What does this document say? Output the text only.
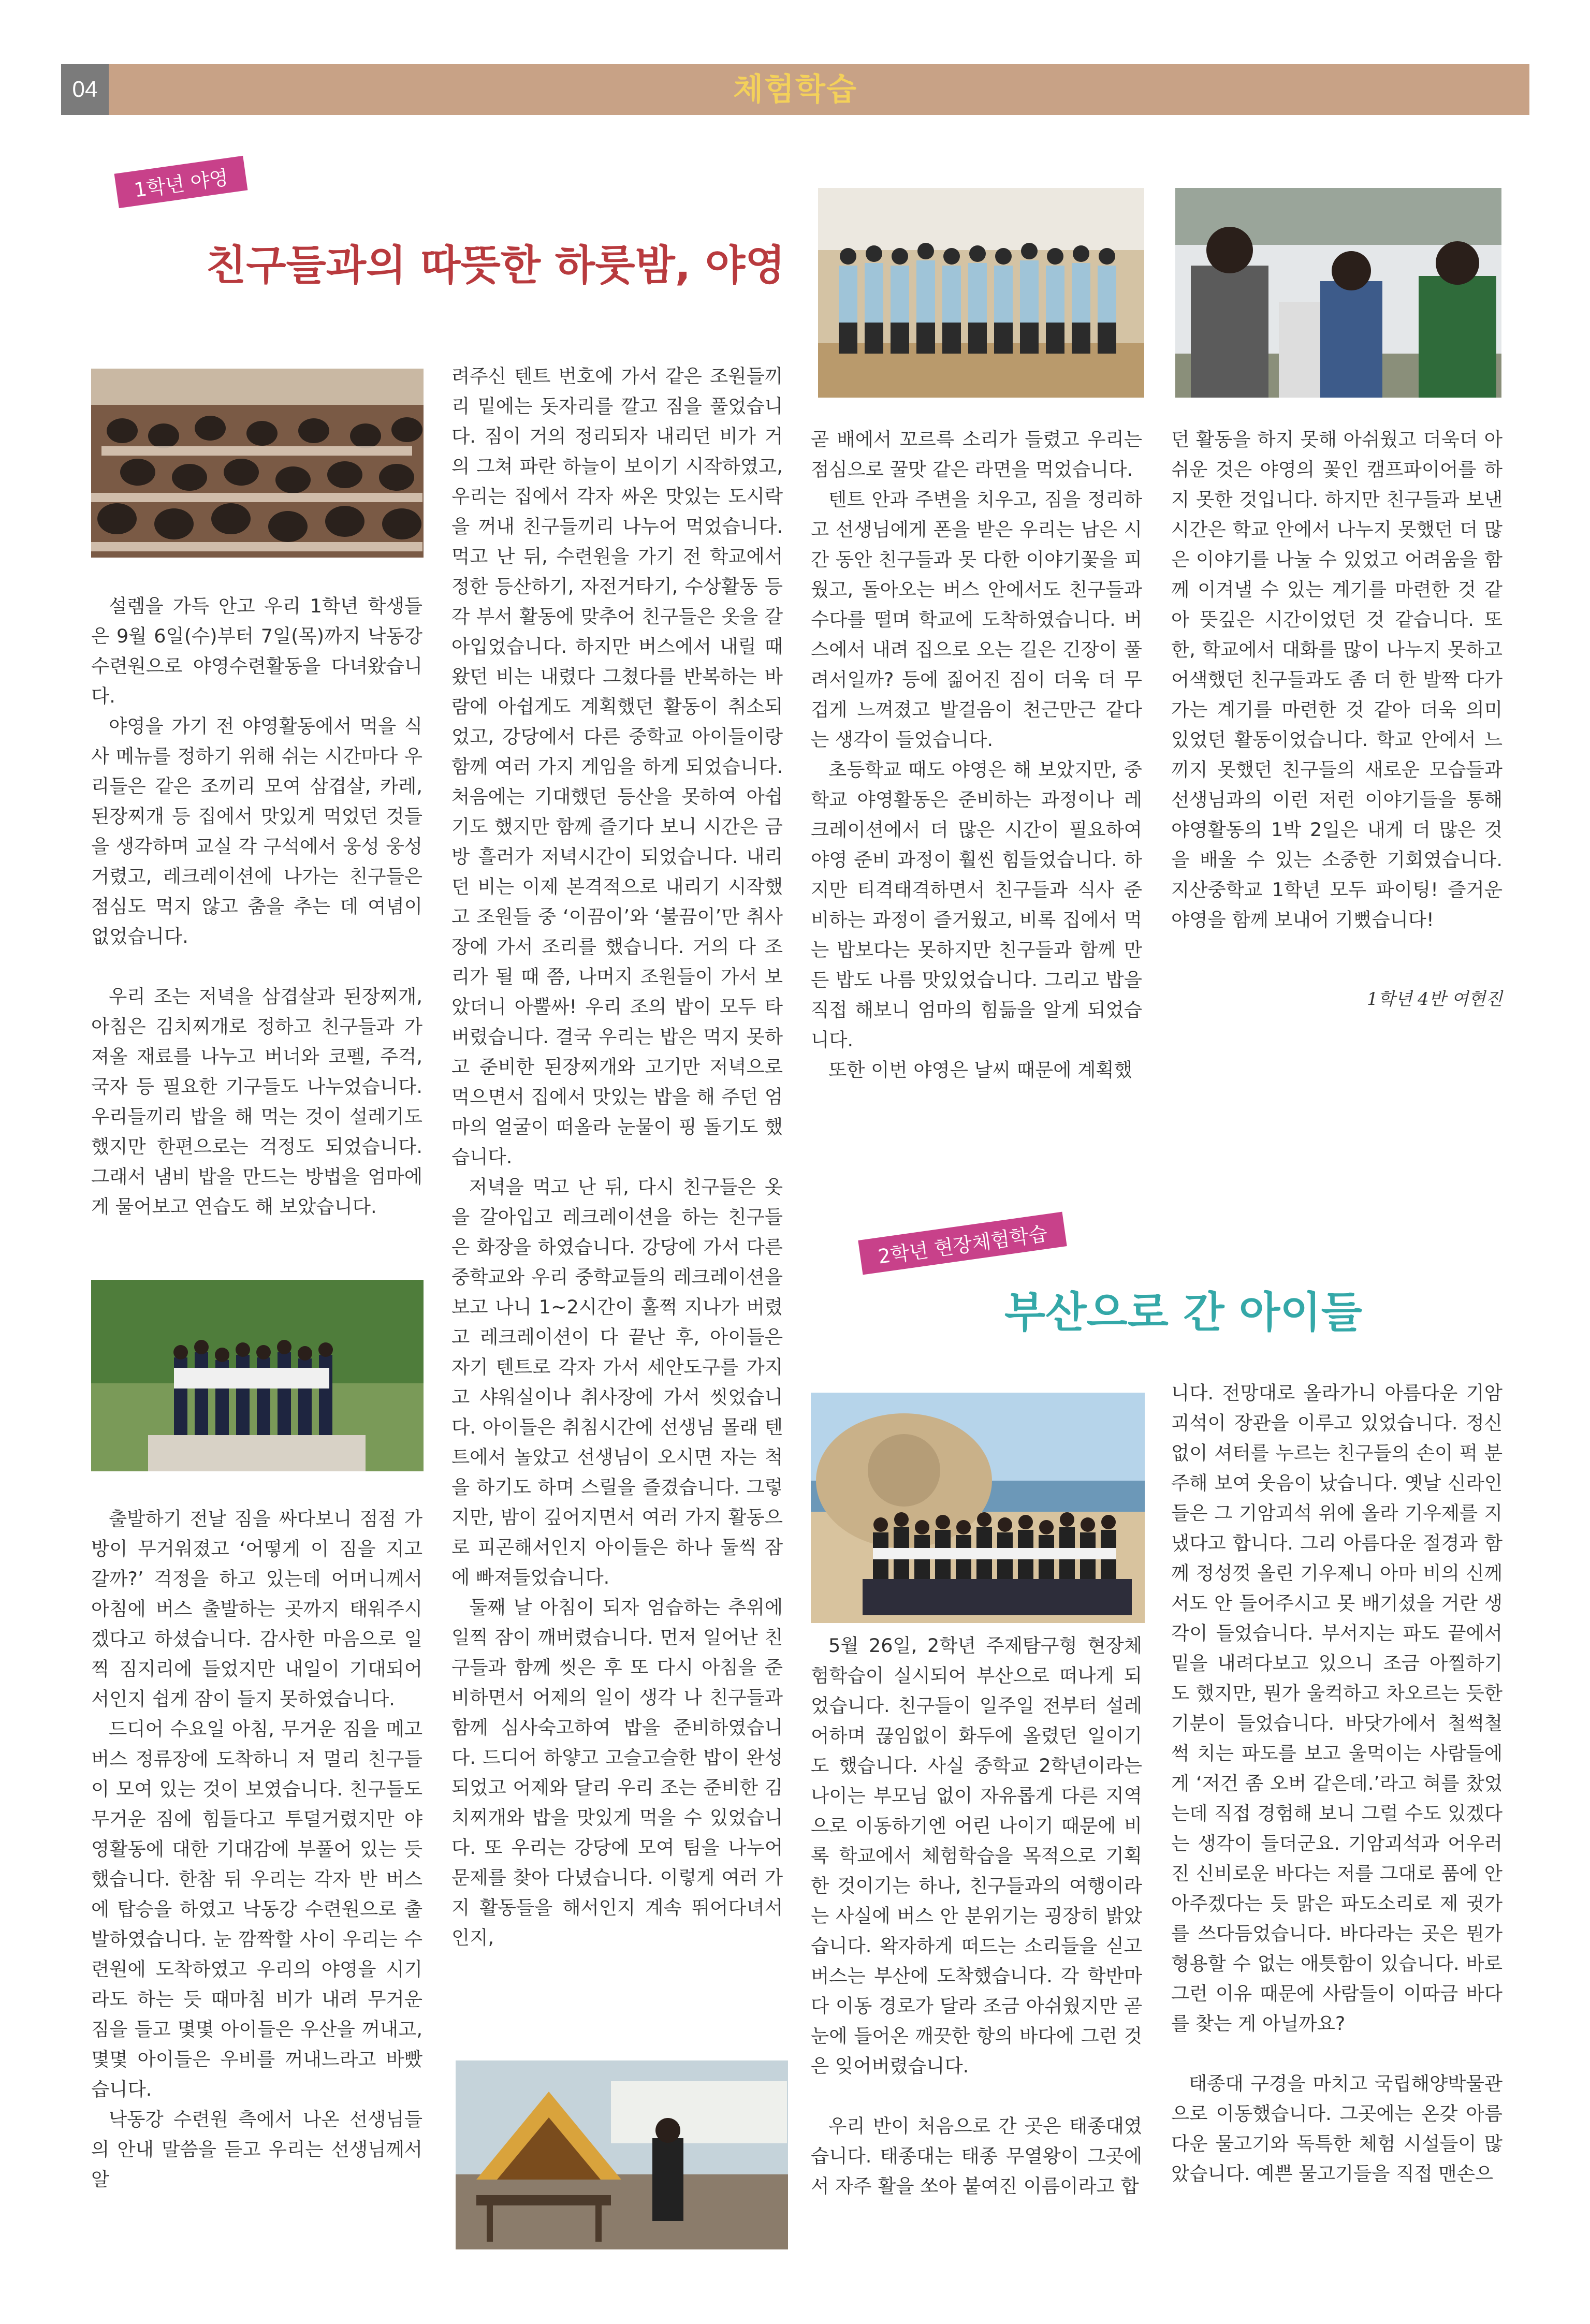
04	체험학습
1학년 야영
친구들과의 따뜻한 하룻밤, 야영
2학년 현장체험학습
부산으로 간 아이들

설렘을 가득 안고 우리 1학년 학생들은 9월 6일(수)부터 7일(목)까지 낙동강 수련원으로 야영수련활동을 다녀왔습니다.

야영을 가기 전 야영활동에서 먹을 식사 메뉴를 정하기 위해 쉬는 시간마다 우리들은 같은 조끼리 모여 삼겹살, 카레, 된장찌개 등 집에서 맛있게 먹었던 것들을 생각하며 교실 각 구석에서 웅성 웅성거렸고, 레크레이션에 나가는 친구들은 점심도 먹지 않고 춤을 추는 데 여념이 없었습니다.

우리 조는 저녁을 삼겹살과 된장찌개, 아침은 김치찌개로 정하고 친구들과 가져올 재료를 나누고 버너와 코펠, 주걱, 국자 등 필요한 기구들도 나누었습니다. 우리들끼리 밥을 해 먹는 것이 설레기도 했지만 한편으로는 걱정도 되었습니다. 그래서 냄비 밥을 만드는 방법을 엄마에게 물어보고 연습도 해 보았습니다.

출발하기 전날 짐을 싸다보니 점점 가방이 무거워졌고 ‘어떻게 이 짐을 지고 갈까?’ 걱정을 하고 있는데 어머니께서 아침에 버스 출발하는 곳까지 태워주시겠다고 하셨습니다. 감사한 마음으로 일찍 짐지리에 들었지만 내일이 기대되어 서인지 쉽게 잠이 들지 못하였습니다.

드디어 수요일 아침, 무거운 짐을 메고 버스 정류장에 도착하니 저 멀리 친구들이 모여 있는 것이 보였습니다. 친구들도 무거운 짐에 힘들다고 투덜거렸지만 야영활동에 대한 기대감에 부풀어 있는 듯 했습니다. 한참 뒤 우리는 각자 반 버스에 탑승을 하였고 낙동강 수련원으로 출발하였습니다. 눈 깜짝할 사이 우리는 수련원에 도착하였고 우리의 야영을 시기라도 하는 듯 때마침 비가 내려 무거운 짐을 들고 몇몇 아이들은 우산을 꺼내고, 몇몇 아이들은 우비를 꺼내느라고 바빴습니다.

낙동강 수련원 측에서 나온 선생님들의 안내 말씀을 듣고 우리는 선생님께서 알

려주신 텐트 번호에 가서 같은 조원들끼리 밑에는 돗자리를 깔고 짐을 풀었습니다. 짐이 거의 정리되자 내리던 비가 거의 그쳐 파란 하늘이 보이기 시작하였고, 우리는 집에서 각자 싸온 맛있는 도시락을 꺼내 친구들끼리 나누어 먹었습니다. 먹고 난 뒤, 수련원을 가기 전 학교에서 정한 등산하기, 자전거타기, 수상활동 등 각 부서 활동에 맞추어 친구들은 옷을 갈아입었습니다. 하지만 버스에서 내릴 때 왔던 비는 내렸다 그쳤다를 반복하는 바람에 아쉽게도 계획했던 활동이 취소되었고, 강당에서 다른 중학교 아이들이랑 함께 여러 가지 게임을 하게 되었습니다. 처음에는 기대했던 등산을 못하여 아쉽기도 했지만 함께 즐기다 보니 시간은 금방 흘러가 저녁시간이 되었습니다. 내리던 비는 이제 본격적으로 내리기 시작했고 조원들 중 ‘이끔이’와 ‘불끔이’만 취사장에 가서 조리를 했습니다. 거의 다 조리가 될 때 쯤, 나머지 조원들이 가서 보았더니 아뿔싸! 우리 조의 밥이 모두 타버렸습니다. 결국 우리는 밥은 먹지 못하고 준비한 된장찌개와 고기만 저녁으로 먹으면서 집에서 맛있는 밥을 해 주던 엄마의 얼굴이 떠올라 눈물이 핑 돌기도 했습니다.

저녁을 먹고 난 뒤, 다시 친구들은 옷을 갈아입고 레크레이션을 하는 친구들은 화장을 하였습니다. 강당에 가서 다른 중학교와 우리 중학교들의 레크레이션을 보고 나니 1~2시간이 훌쩍 지나가 버렸고 레크레이션이 다 끝난 후, 아이들은 자기 텐트로 각자 가서 세안도구를 가지고 샤워실이나 취사장에 가서 씻었습니다. 아이들은 취침시간에 선생님 몰래 텐트에서 놀았고 선생님이 오시면 자는 척을 하기도 하며 스릴을 즐겼습니다. 그렇지만, 밤이 깊어지면서 여러 가지 활동으로 피곤해서인지 아이들은 하나 둘씩 잠에 빠져들었습니다.

둘째 날 아침이 되자 엄습하는 추위에 일찍 잠이 깨버렸습니다. 먼저 일어난 친구들과 함께 씻은 후 또 다시 아침을 준비하면서 어제의 일이 생각 나 친구들과 함께 심사숙고하여 밥을 준비하였습니다. 드디어 하얗고 고슬고슬한 밥이 완성되었고 어제와 달리 우리 조는 준비한 김치찌개와 밥을 맛있게 먹을 수 있었습니다. 또 우리는 강당에 모여 팀을 나누어 문제를 찾아 다녔습니다. 이렇게 여러 가지 활동들을 해서인지 계속 뛰어다녀서인지,

곧 배에서 꼬르륵 소리가 들렸고 우리는 점심으로 꿀맛 같은 라면을 먹었습니다.

텐트 안과 주변을 치우고, 짐을 정리하고 선생님에게 폰을 받은 우리는 남은 시간 동안 친구들과 못 다한 이야기꽃을 피웠고, 돌아오는 버스 안에서도 친구들과 수다를 떨며 학교에 도착하였습니다. 버스에서 내려 집으로 오는 길은 긴장이 풀려서일까? 등에 짊어진 짐이 더욱 더 무겁게 느껴졌고 발걸음이 천근만근 같다는 생각이 들었습니다.

초등학교 때도 야영은 해 보았지만, 중학교 야영활동은 준비하는 과정이나 레크레이션에서 더 많은 시간이 필요하여 야영 준비 과정이 훨씬 힘들었습니다. 하지만 티격태격하면서 친구들과 식사 준비하는 과정이 즐거웠고, 비록 집에서 먹는 밥보다는 못하지만 친구들과 함께 만든 밥도 나름 맛있었습니다. 그리고 밥을 직접 해보니 엄마의 힘듦을 알게 되었습니다.

또한 이번 야영은 날씨 때문에 계획했

던 활동을 하지 못해 아쉬웠고 더욱더 아쉬운 것은 야영의 꽃인 캠프파이어를 하지 못한 것입니다. 하지만 친구들과 보낸 시간은 학교 안에서 나누지 못했던 더 많은 이야기를 나눌 수 있었고 어려움을 함께 이겨낼 수 있는 계기를 마련한 것 같아 뜻깊은 시간이었던 것 같습니다. 또한, 학교에서 대화를 많이 나누지 못하고 어색했던 친구들과도 좀 더 한 발짝 다가가는 계기를 마련한 것 같아 더욱 의미 있었던 활동이었습니다. 학교 안에서 느끼지 못했던 친구들의 새로운 모습들과 선생님과의 이런 저런 이야기들을 통해 야영활동의 1박 2일은 내게 더 많은 것을 배울 수 있는 소중한 기회였습니다. 지산중학교 1학년 모두 파이팅! 즐거운 야영을 함께 보내어 기뻤습니다!

1학년 4반 여현진

5월 26일, 2학년 주제탐구형 현장체험학습이 실시되어 부산으로 떠나게 되었습니다. 친구들이 일주일 전부터 설레어하며 끊임없이 화두에 올렸던 일이기도 했습니다. 사실 중학교 2학년이라는 나이는 부모님 없이 자유롭게 다른 지역으로 이동하기엔 어린 나이기 때문에 비록 학교에서 체험학습을 목적으로 기획한 것이기는 하나, 친구들과의 여행이라는 사실에 버스 안 분위기는 굉장히 밝았습니다. 왁자하게 떠드는 소리들을 싣고 버스는 부산에 도착했습니다. 각 학반마다 이동 경로가 달라 조금 아쉬웠지만 곧 눈에 들어온 깨끗한 항의 바다에 그런 것은 잊어버렸습니다.

우리 반이 처음으로 간 곳은 태종대였습니다. 태종대는 태종 무열왕이 그곳에서 자주 활을 쏘아 붙여진 이름이라고 합

니다. 전망대로 올라가니 아름다운 기암괴석이 장관을 이루고 있었습니다. 정신없이 셔터를 누르는 친구들의 손이 퍽 분주해 보여 웃음이 났습니다. 옛날 신라인들은 그 기암괴석 위에 올라 기우제를 지냈다고 합니다. 그리 아름다운 절경과 함께 정성껏 올린 기우제니 아마 비의 신께서도 안 들어주시고 못 배기셨을 거란 생각이 들었습니다. 부서지는 파도 끝에서 밑을 내려다보고 있으니 조금 아찔하기도 했지만, 뭔가 울컥하고 차오르는 듯한 기분이 들었습니다. 바닷가에서 철썩철썩 치는 파도를 보고 울먹이는 사람들에게 ‘저건 좀 오버 같은데.’라고 혀를 찼었는데 직접 경험해 보니 그럴 수도 있겠다는 생각이 들더군요. 기암괴석과 어우러진 신비로운 바다는 저를 그대로 품에 안아주겠다는 듯 맑은 파도소리로 제 귓가를 쓰다듬었습니다. 바다라는 곳은 뭔가 형용할 수 없는 애틋함이 있습니다. 바로 그런 이유 때문에 사람들이 이따금 바다를 찾는 게 아닐까요?

태종대 구경을 마치고 국립해양박물관으로 이동했습니다. 그곳에는 온갖 아름다운 물고기와 독특한 체험 시설들이 많았습니다. 예쁜 물고기들을 직접 맨손으
